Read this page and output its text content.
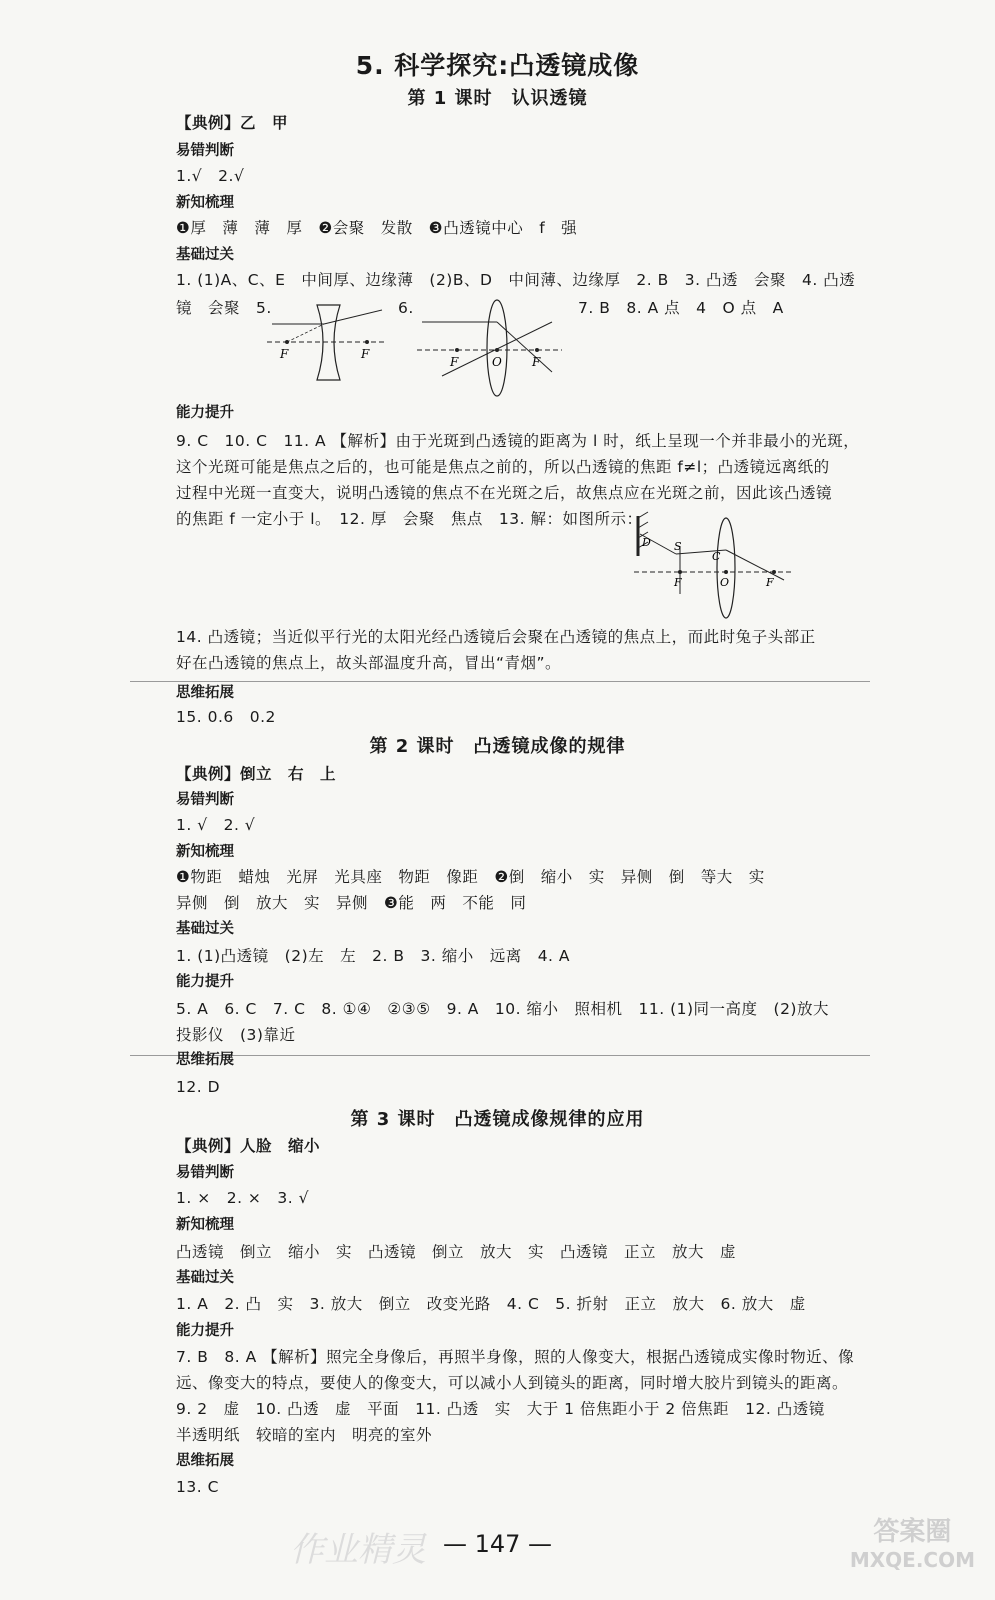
5. 科学探究:凸透镜成像
第 1 课时　认识透镜
【典例】乙　甲
易错判断
1.√　2.√
新知梳理
❶厚　薄　薄　厚　❷会聚　发散　❸凸透镜中心　f　强
基础过关
1. (1)A、C、E　中间厚、边缘薄　(2)B、D　中间薄、边缘厚　2. B　3. 凸透　会聚　4. 凸透
镜　会聚　5.	6.	7. B　8. A 点　4　O 点　A
F	F
F	O	F
能力提升
9. C　10. C　11. A 【解析】由于光斑到凸透镜的距离为 l 时，纸上呈现一个并非最小的光斑，
这个光斑可能是焦点之后的，也可能是焦点之前的，所以凸透镜的焦距 f≠l；凸透镜远离纸的
过程中光斑一直变大，说明凸透镜的焦点不在光斑之后，故焦点应在光斑之前，因此该凸透镜
的焦距 f 一定小于 l。　12. 厚　会聚　焦点　13. 解：如图所示：
D S
C
F	O	F
14. 凸透镜；当近似平行光的太阳光经凸透镜后会聚在凸透镜的焦点上，而此时兔子头部正
好在凸透镜的焦点上，故头部温度升高，冒出“青烟”。
思维拓展
15. 0.6　0.2
第 2 课时　凸透镜成像的规律
【典例】倒立　右　上
易错判断
1. √　2. √
新知梳理
❶物距　蜡烛　光屏　光具座　物距　像距　❷倒　缩小　实　异侧　倒　等大　实
异侧　倒　放大　实　异侧　❸能　两　不能　同
基础过关
1. (1)凸透镜　(2)左　左　2. B　3. 缩小　远离　4. A
能力提升
5. A　6. C　7. C　8. ①④　②③⑤　9. A　10. 缩小　照相机　11. (1)同一高度　(2)放大
投影仪　(3)靠近
思维拓展
12. D
第 3 课时　凸透镜成像规律的应用
【典例】人脸　缩小
易错判断
1. ×　2. ×　3. √
新知梳理
凸透镜　倒立　缩小　实　凸透镜　倒立　放大　实　凸透镜　正立　放大　虚
基础过关
1. A　2. 凸　实　3. 放大　倒立　改变光路　4. C　5. 折射　正立　放大　6. 放大　虚
能力提升
7. B　8. A 【解析】照完全身像后，再照半身像，照的人像变大，根据凸透镜成实像时物近、像
远、像变大的特点，要使人的像变大，可以减小人到镜头的距离，同时增大胶片到镜头的距离。
9. 2　虚　10. 凸透　虚　平面　11. 凸透　实　大于 1 倍焦距小于 2 倍焦距　12. 凸透镜
半透明纸　较暗的室内　明亮的室外
思维拓展
13. C
作业精灵 — 147 —	答案圈
MXQE.COM
